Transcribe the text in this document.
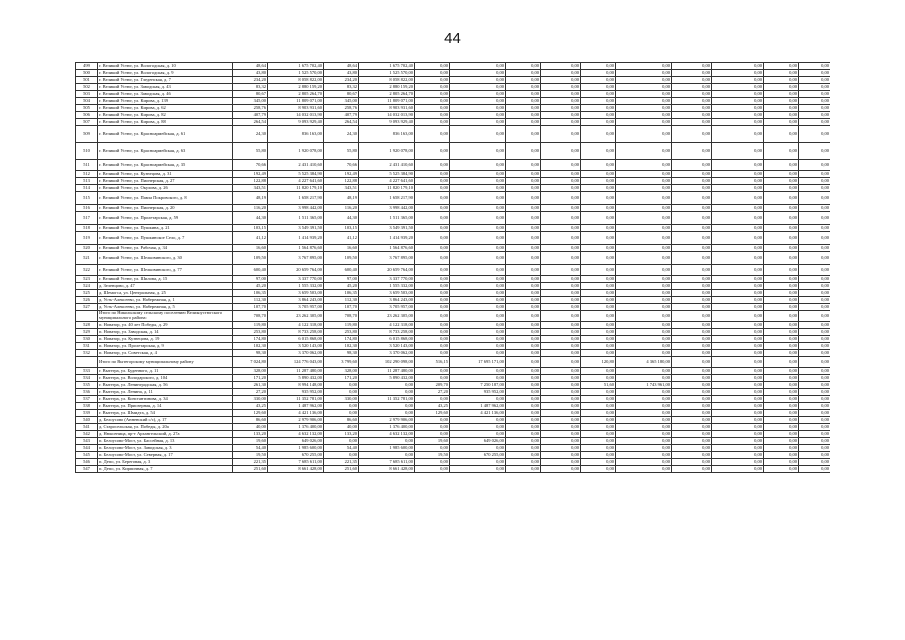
44
499	г. Великий Устюг, ул. Вологодская, д. 10	48,64	1 675 702,40	48,64	1 675 702,40	0,00	0,00	0,00	0,00	0,00	0,00	0,00	0,00	0,00	0,00
500	г. Великий Устюг, ул. Вологодская, д. 9	43,80	1 525 570,00	43,80	1 525 570,00	0,00	0,00	0,00	0,00	0,00	0,00	0,00	0,00	0,00	0,00
501	г. Великий Устюг, ул. Гледенская, д. 7	234,20	8 058 822,00	234,20	8 058 822,00	0,00	0,00	0,00	0,00	0,00	0,00	0,00	0,00	0,00	0,00
502	г. Великий Устюг, ул. Заводская, д. 43	83,32	2 880 159,20	83,32	2 880 159,20	0,00	0,00	0,00	0,00	0,00	0,00	0,00	0,00	0,00	0,00
503	г. Великий Устюг, ул. Заводская, д. 46	80,67	2 805 264,70	80,67	2 805 264,70	0,00	0,00	0,00	0,00	0,00	0,00	0,00	0,00	0,00	0,00
504	г. Великий Устюг, ул. Кирова, д. 139	345,00	11 809 071,00	345,00	11 809 071,00	0,00	0,00	0,00	0,00	0,00	0,00	0,00	0,00	0,00	0,00
505	г. Великий Устюг, ул. Кирова, д. 62	258,76	8 903 931,60	258,76	8 903 931,60	0,00	0,00	0,00	0,00	0,00	0,00	0,00	0,00	0,00	0,00
506	г. Великий Устюг, ул. Кирова, д. 82	407,79	14 032 013,90	407,79	14 032 013,90	0,00	0,00	0,00	0,00	0,00	0,00	0,00	0,00	0,00	0,00
507	г. Великий Устюг, ул. Кирова, д. 88	264,54	9 093 929,40	264,54	9 093 929,40	0,00	0,00	0,00	0,00	0,00	0,00	0,00	0,00	0,00	0,00
509	г. Великий Устюг, ул. Красноармейская, д. 61	24,30	836 163,00	24,30	836 163,00	0,00	0,00	0,00	0,00	0,00	0,00	0,00	0,00	0,00	0,00
510	г. Великий Устюг, ул. Красноармейская, д. 63	55,80	1 920 078,00	55,80	1 920 078,00	0,00	0,00	0,00	0,00	0,00	0,00	0,00	0,00	0,00	0,00
511	г. Великий Устюг, ул. Красноармейская, д. 35	70,66	2 431 410,60	70,66	2 431 410,60	0,00	0,00	0,00	0,00	0,00	0,00	0,00	0,00	0,00	0,00
512	г. Великий Устюг, ул. Кузнецова, д. 31	192,49	5 525 384,90	192,49	5 525 384,90	0,00	0,00	0,00	0,00	0,00	0,00	0,00	0,00	0,00	0,00
513	г. Великий Устюг, ул. Пионерская, д. 27	122,88	4 227 641,60	122,88	4 227 641,60	0,00	0,00	0,00	0,00	0,00	0,00	0,00	0,00	0,00	0,00
514	г. Великий Устюг, ул. Окулова, д. 26	343,51	11 820 179,10	343,51	11 820 179,10	0,00	0,00	0,00	0,00	0,00	0,00	0,00	0,00	0,00	0,00
515	г. Великий Устюг, ул. Павла Покровского, д. 8	48,19	1 658 217,90	48,19	1 658 217,90	0,00	0,00	0,00	0,00	0,00	0,00	0,00	0,00	0,00	0,00
516	г. Великий Устюг, ул. Пионерская, д. 20	116,20	3 998 442,00	116,20	3 998 442,00	0,00	0,00	0,00	0,00	0,00	0,00	0,00	0,00	0,00	0,00
517	г. Великий Устюг, ул. Пролетарская, д. 59	44,30	1 511 365,00	44,30	1 511 365,00	0,00	0,00	0,00	0,00	0,00	0,00	0,00	0,00	0,00	0,00
518	г. Великий Устюг, ул. Пушкина, д. 21	103,15	3 549 391,50	103,15	3 549 391,50	0,00	0,00	0,00	0,00	0,00	0,00	0,00	0,00	0,00	0,00
519	г. Великий Устюг, ул. Пушкинское Село, д. 7	41,12	1 414 939,20	41,12	1 414 939,20	0,00	0,00	0,00	0,00	0,00	0,00	0,00	0,00	0,00	0,00
520	г. Великий Устюг, ул. Рабочая, д. 34	16,60	1 564 876,60	16,60	1 564 876,60	0,00	0,00	0,00	0,00	0,00	0,00	0,00	0,00	0,00	0,00
521	г. Великий Устюг, ул. Шелковинского, д. 30	109,50	3 767 895,00	109,50	3 767 895,00	0,00	0,00	0,00	0,00	0,00	0,00	0,00	0,00	0,00	0,00
522	г. Великий Устюг, ул. Шелковинского, д. 77	600,40	20 659 764,00	600,40	20 659 764,00	0,00	0,00	0,00	0,00	0,00	0,00	0,00	0,00	0,00	0,00
523	г. Великий Устюг, ул. Шилова, д. 15	97,00	3 337 770,00	97,00	3 337 770,00	0,00	0,00	0,00	0,00	0,00	0,00	0,00	0,00	0,00	0,00
524	д. Зеленцово, д. 47	45,20	1 555 332,00	45,20	1 555 332,00	0,00	0,00	0,00	0,00	0,00	0,00	0,00	0,00	0,00	0,00
525	д. Шемогса, ул. Центральная, д. 25	106,35	3 659 503,00	106,35	3 659 503,00	0,00	0,00	0,00	0,00	0,00	0,00	0,00	0,00	0,00	0,00
526	д. Усть-Алексеево, ул. Набережная, д. 1	112,30	3 864 243,00	112,30	3 864 243,00	0,00	0,00	0,00	0,00	0,00	0,00	0,00	0,00	0,00	0,00
527	д. Усть-Алексеево, ул. Набережная, д. 5	107,70	3 705 957,00	107,70	3 705 957,00	0,00	0,00	0,00	0,00	0,00	0,00	0,00	0,00	0,00	0,00
	Итого по Никольскому сельскому поселению Великоустюгского муниципального района:	708,70	23 262 305,00	708,70	23 262 305,00	0,00	0,00	0,00	0,00	0,00	0,00	0,00	0,00	0,00	0,00
528	п. Новатор, ул. 40 лет Победы, д. 29	119,80	4 122 318,00	119,80	4 122 318,00	0,00	0,00	0,00	0,00	0,00	0,00	0,00	0,00	0,00	0,00
529	п. Новатор, ул. Заводская, д. 14	253,80	8 733 258,00	253,80	8 733 258,00	0,00	0,00	0,00	0,00	0,00	0,00	0,00	0,00	0,00	0,00
530	п. Новатор, ул. Кузнецова, д. 19	174,80	6 015 868,00	174,80	6 015 868,00	0,00	0,00	0,00	0,00	0,00	0,00	0,00	0,00	0,00	0,00
531	п. Новатор, ул. Пролетарская, д. 9	102,30	3 520 143,00	102,30	3 520 143,00	0,00	0,00	0,00	0,00	0,00	0,00	0,00	0,00	0,00	0,00
532	п. Новатор, ул. Советская, д. 4	98,30	3 370 062,00	98,30	3 370 062,00	0,00	0,00	0,00	0,00	0,00	0,00	0,00	0,00	0,00	0,00
	Итого по Вытегорскому муниципальному району	7 024,80	124 776 043,00	3 799,60	102 290 098,00	516,15	17 695 171,00	0,00	0,00	120,80	4 365 180,00	0,00	0,00	0,00	0,00
533	г. Вытегра, ул. Буденного, д. 11	328,00	11 287 480,00	328,00	11 287 480,00	0,00	0,00	0,00	0,00	0,00	0,00	0,00	0,00	0,00	0,00
534	г. Вытегра, ул. Володарского, д. 104	171,20	5 890 432,00	171,20	5 890 432,00	0,00	0,00	0,00	0,00	0,00	0,00	0,00	0,00	0,00	0,00
535	г. Вытегра, ул. Ленинградская, д. 56	261,30	8 994 148,00	0,00	0,00	209,70	7 250 187,00	0,00	0,00	51,60	1 743 961,00	0,00	0,00	0,00	0,00
536	г. Вытегра, ул. Ленина, д. 11	27,20	935 952,00	0,00	0,00	27,20	935 952,00	0,00	0,00	0,00	0,00	0,00	0,00	0,00	0,00
537	г. Вытегра, ул. Константинова, д. 34	330,00	11 352 781,00	330,00	11 352 781,00	0,00	0,00	0,00	0,00	0,00	0,00	0,00	0,00	0,00	0,00
538	г. Вытегра, ул. Приозерная, д. 14	43,25	1 487 962,00	0,00	0,00	43,25	1 487 962,00	0,00	0,00	0,00	0,00	0,00	0,00	0,00	0,00
539	г. Вытегра, ул. Шмидта, д. 54	129,60	4 421 136,00	0,00	0,00	129,60	4 421 136,00	0,00	0,00	0,00	0,00	0,00	0,00	0,00	0,00
540	д. Белоусово (Анненский с/с), д. 17	86,60	2 979 906,00	86,60	2 979 906,00	0,00	0,00	0,00	0,00	0,00	0,00	0,00	0,00	0,00	0,00
541	д. Старосельская, ул. Победы, д. 20а	40,00	1 376 400,00	40,00	1 376 400,00	0,00	0,00	0,00	0,00	0,00	0,00	0,00	0,00	0,00	0,00
542	д. Нюксеница, пр-т Архангельский, д. 27а	133,20	4 632 132,00	133,20	4 632 132,00	0,00	0,00	0,00	0,00	0,00	0,00	0,00	0,00	0,00	0,00
543	п. Белоусово-Мост, ул. Бассейная, д. 13	19,60	649 026,00	0,00	0,00	19,60	649 026,00	0,00	0,00	0,00	0,00	0,00	0,00	0,00	0,00
544	п. Белоусово-Мост, ул. Заводская, д. 3	54,40	1 985 600,00	54,40	1 985 600,00	0,00	0,00	0,00	0,00	0,00	0,00	0,00	0,00	0,00	0,00
545	п. Белоусово-Мост, ул. Северная, д. 17	19,50	670 255,00	0,00	0,00	19,50	670 255,00	0,00	0,00	0,00	0,00	0,00	0,00	0,00	0,00
546	п. Депо, ул. Береговая, д. 3	221,35	7 685 611,00	221,35	7 685 611,00	0,00	0,00	0,00	0,00	0,00	0,00	0,00	0,00	0,00	0,00
547	п. Депо, ул. Кирпичная, д. 7	251,60	8 661 428,00	251,60	8 661 428,00	0,00	0,00	0,00	0,00	0,00	0,00	0,00	0,00	0,00	0,00
